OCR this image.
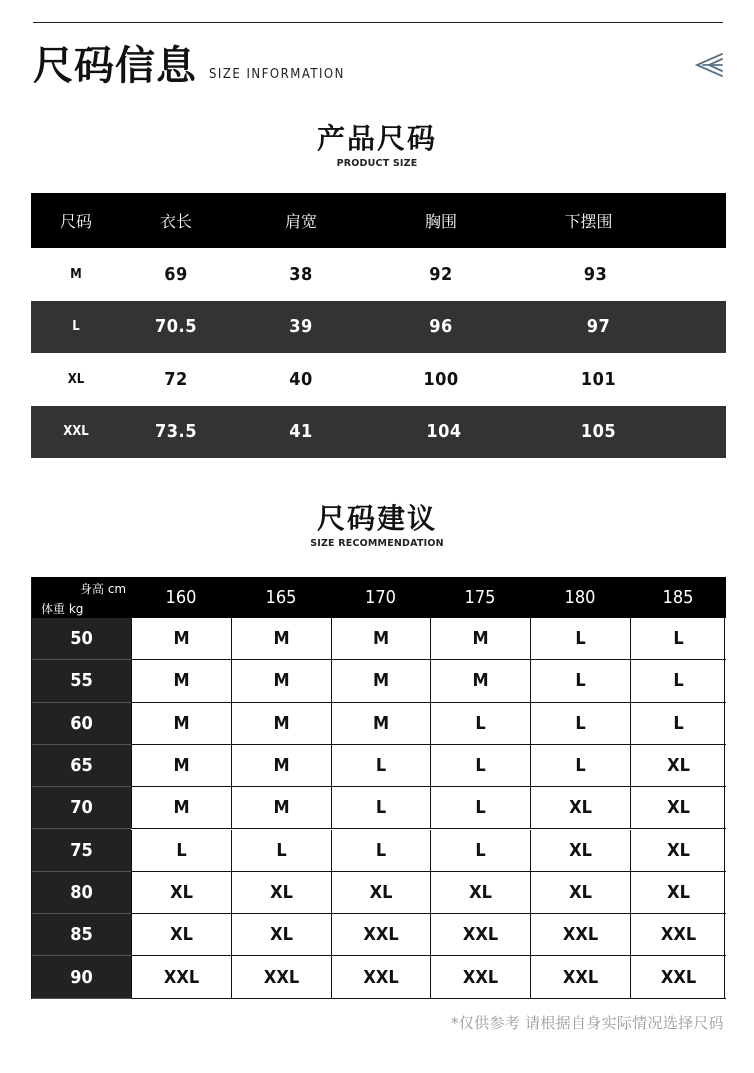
尺码信息 SIZE INFORMATION
产品尺码
PRODUCT SIZE
尺码	衣长	肩宽	胸围	下摆围
M	69	38	92	93
L	70.5	39	96	97
XL	72	40	100	101
XXL	73.5	41	104	105
尺码建议
SIZE RECOMMENDATION
身高 cm
体重 kg
160	165	170	175	180	185
50	M	M	M	M	L	L
55	M	M	M	M	L	L
60	M	M	M	L	L	L
65	M	M	L	L	L	XL
70	M	M	L	L	XL	XL
75	L	L	L	L	XL	XL
80	XL	XL	XL	XL	XL	XL
85	XL	XL	XXL	XXL	XXL	XXL
90	XXL	XXL	XXL	XXL	XXL	XXL
*仅供参考 请根据自身实际情况选择尺码
